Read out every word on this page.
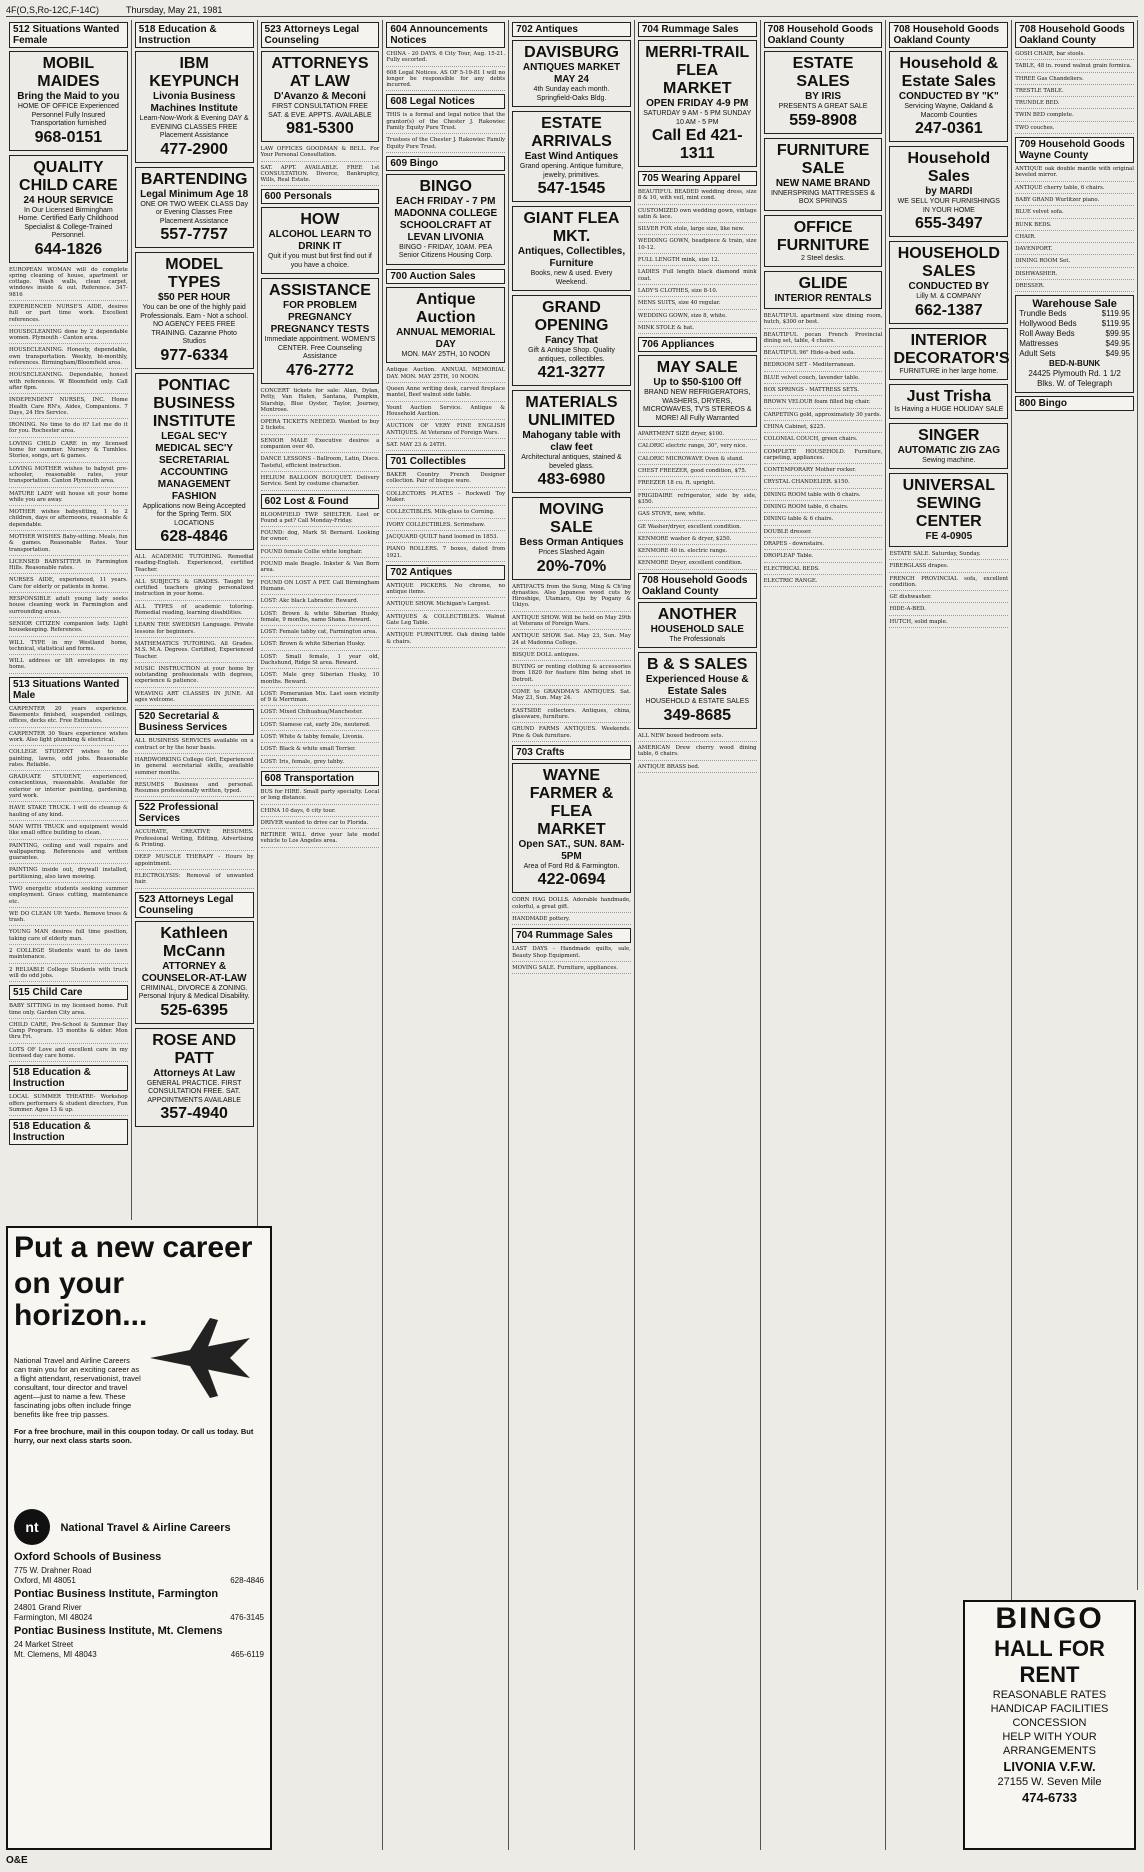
4F(O,S,Ro-12C,F-14C)	Thursday, May 21, 1981
512 Situations Wanted Female
MOBIL MAIDES
Bring the Maid to you
HOME OF OFFICE Experienced Personnel Fully Insured Transportation furnished
968-0151
QUALITY CHILD CARE
24 HOUR SERVICE
In Our Licensed Birmingham Home. Certified Early Childhood Specialist & College-Trained Personnel.
644-1826
EUROPEAN WOMAN will do complete spring cleaning of house, apartment or cottage. Wash walls, clean carpet, windows inside & out. Reference. 347-9816
EXPERIENCED NURSE'S AIDE, desires full or part time work. Excellent references.
HOUSECLEANING done by 2 dependable women. Plymouth - Canton area.
HOUSECLEANING. Honesty, dependable, own transportation. Weekly, bi-monthly, references. Birmingham/Bloomfield area.
HOUSECLEANING. Dependable, honest with references. W Bloomfield only. Call after 6pm.
INDEPENDENT NURSES, INC. Home Health Care RN's, Aides, Companions. 7 Days, 24 Hrs Service.
IRONING. No time to do it? Let me do it for you. Rochester area.
LOVING CHILD CARE in my licensed home for summer. Nursery & Tumbles. Stories, songs, art & games.
LOVING MOTHER wishes to babysit pre-schooler, reasonable rates, your transportation. Canton Plymouth area.
MATURE LADY will house sit your home while you are away.
MOTHER wishes babysitting, 1 to 2 children, days or afternoons, reasonable & dependable.
MOTHER WISHES Baby-sitting. Meals, fun & games. Reasonable Rates. Your transportation.
LICENSED BABYSITTER in Farmington Hills. Reasonable rates.
NURSES AIDE, experienced, 11 years. Care for elderly or patients in home.
RESPONSIBLE adult young lady seeks house cleaning work in Farmington and surrounding areas.
SENIOR CITIZEN companion lady. Light housekeeping. References.
WILL TYPE in my Westland home, technical, statistical and forms.
WILL address or lift envelopes in my home.
513 Situations Wanted Male
CARPENTER 20 years experience. Basements finished, suspended ceilings, offices, decks etc. Free Estimates.
CARPENTER 30 Years experience wishes work. Also light plumbing & electrical.
COLLEGE STUDENT wishes to do painting, lawns, odd jobs. Reasonable rates. Reliable.
GRADUATE STUDENT, experienced, conscientious, reasonable. Available for exterior or interior painting, gardening, yard work.
HAVE STAKE TRUCK. I will do cleanup & hauling of any kind.
MAN WITH TRUCK and equipment would like small office building to clean.
PAINTING, ceiling and wall repairs and wallpapering. References and written guarantee.
PAINTING inside out, drywall installed, partitioning, also lawn mowing.
TWO energetic students seeking summer employment. Grass cutting, maintenance etc.
WE DO CLEAN UP. Yards. Remove trees & trash.
YOUNG MAN desires full time position, taking care of elderly man.
2 COLLEGE Students want to do lawn maintenance.
2 RELIABLE College Students with truck will do odd jobs.
515 Child Care
BABY SITTING in my licensed home. Full time only. Garden City area.
CHILD CARE, Pre-School & Summer Day Camp Program. 15 months & older. Mon thru Fri.
LOTS OF Love and excellent care in my licensed day care home.
518 Education & Instruction
LOCAL SUMMER THEATRE- Workshop offers performers & student directors, Fun Summer. Ages 13 & up.
518 Education & Instruction
518 Education & Instruction
IBM KEYPUNCH
Livonia Business Machines Institute
Learn-Now-Work & Evening DAY & EVENING CLASSES FREE Placement Assistance
477-2900
BARTENDING
Legal Minimum Age 18
ONE OR TWO WEEK CLASS Day or Evening Classes Free Placement Assistance
557-7757
MODEL TYPES
$50 PER HOUR
You can be one of the highly paid Professionals. Earn - Not a school. NO AGENCY FEES FREE TRAINING. Cazanne Photo Studios
977-6334
PONTIAC BUSINESS INSTITUTE
LEGAL SEC'Y MEDICAL SEC'Y SECRETARIAL ACCOUNTING MANAGEMENT FASHION
Applications now Being Accepted for the Spring Term. SIX LOCATIONS
628-4846
ALL ACADEMIC TUTORING. Remedial reading-English. Experienced, certified Teacher.
ALL SUBJECTS & GRADES. Taught by certified teachers giving personalized instruction in your home.
ALL TYPES of academic tutoring. Remedial reading, learning disabilities.
LEARN THE SWEDISH Language. Private lessons for beginners.
MATHEMATICS TUTORING. All Grades. M.S. M.A. Degrees. Certified, Experienced Teacher.
MUSIC INSTRUCTION at your home by outstanding professionals with degrees, experience & patience.
WEAVING ART CLASSES IN JUNE. All ages welcome.
520 Secretarial & Business Services
ALL BUSINESS SERVICES available on a contract or by the hour basis.
HARDWORKING College Girl, Experienced in general secretarial skills, available summer months.
RESUMES Business and personal. Resumes professionally written, typed.
522 Professional Services
ACCURATE, CREATIVE RESUMES. Professional Writing, Editing, Advertising & Printing.
DEEP MUSCLE THERAPY - Hours by appointment.
ELECTROLYSIS: Removal of unwanted hair.
523 Attorneys Legal Counseling
Kathleen McCann
ATTORNEY & COUNSELOR-AT-LAW
CRIMINAL, DIVORCE & ZONING. Personal Injury & Medical Disability.
525-6395
ROSE AND PATT
Attorneys At Law
GENERAL PRACTICE. FIRST CONSULTATION FREE. SAT. APPOINTMENTS AVAILABLE
357-4940
523 Attorneys Legal Counseling
ATTORNEYS AT LAW
D'Avanzo & Meconi
FIRST CONSULTATION FREE SAT. & EVE. APPTS. AVAILABLE
981-5300
LAW OFFICES GOODMAN & BELL. For Your Personal Consultation.
SAT. APPT. AVAILABLE. FREE 1st CONSULTATION. Divorce, Bankruptcy, Wills, Real Estate.
600 Personals
HOW
ALCOHOL LEARN TO DRINK IT
Quit if you must but first find out if you have a choice.
ASSISTANCE
FOR PROBLEM PREGNANCY PREGNANCY TESTS
Immediate appointment. WOMEN'S CENTER. Free Counseling Assistance
476-2772
CONCERT tickets for sale: Alan, Dylan, Petty, Van Halen, Santana, Pumpkin, Starship, Blue Oyster, Taylor, Journey, Montrose.
OPERA TICKETS NEEDED. Wanted to buy 2 tickets.
SENIOR MALE Executive desires a companion over 40.
DANCE LESSONS - Ballroom, Latin, Disco. Tasteful, efficient instruction.
HELIUM BALLOON BOUQUET. Delivery Service. Sent by costume character.
602 Lost & Found
BLOOMFIELD TWP. SHELTER. Lost or Found a pet? Call Monday-Friday.
FOUND: dog, Mark St Bernard. Looking for owner.
FOUND female Collie white longhair.
FOUND male Beagle. Inkster & Van Born area.
FOUND ON LOST A PET. Call Birmingham Humane.
LOST: Akc black Labrador. Reward.
LOST: Brown & white Siberian Husky, female, 9 months, name Shana. Reward.
LOST: Female tabby cat, Farmington area.
LOST: Brown & white Siberian Husky.
LOST: Small female, 1 year old, Dachshund, Ridge St area. Reward.
LOST: Male grey Siberian Husky, 10 months. Reward.
LOST: Pomeranian Mix. Last seen vicinity of 9 & Merriman.
LOST: Mixed Chihuahua/Manchester.
LOST: Siamese cat, early 20s, neutered.
LOST: White & tabby female, Livonia.
LOST: Black & white small Terrier.
LOST: Iris, female, grey tabby.
608 Transportation
BUS for HIRE. Small party specialty. Local or long distance.
CHINA 10 days, 6 city tour.
DRIVER wanted to drive car to Florida.
RETIREE WILL drive your late model vehicle to Los Angeles area.
604 Announcements Notices
CHINA - 20 DAYS. 6 City Tour, Aug. 15-21. Fully escorted.
608 Legal Notices. AS OF 5-19-81 I will no longer be responsible for any debts incurred.
608 Legal Notices
THIS is a formal and legal notice that the grantor(s) of the Chester J. Rakowiec Family Equity Pure Trust.
Trustees of the Chester J. Rakowiec Family Equity Pure Trust.
609 Bingo
BINGO
EACH FRIDAY - 7 PM MADONNA COLLEGE SCHOOLCRAFT AT LEVAN LIVONIA
BINGO - FRIDAY, 10AM. PEA Senior Citizens Housing Corp.
700 Auction Sales
Antique Auction
ANNUAL MEMORIAL DAY
MON. MAY 25TH, 10 NOON
Antique Auction. ANNUAL MEMORIAL DAY. MON. MAY 25TH, 10 NOON.
Queen Anne writing desk, carved fireplace mantel, Beef walnut side table.
Yount Auction Service. Antique & Household Auction.
AUCTION OF VERY FINE ENGLISH ANTIQUES. At Veterans of Foreign Wars.
SAT. MAY 23 & 24TH.
701 Collectibles
BAKER Country French Designer collection. Pair of bisque ware.
COLLECTORS PLATES - Rockwell Toy Maker.
COLLECTIBLES. Milk-glass to Corning.
IVORY COLLECTIBLES. Scrimshaw.
JACQUARD QUILT hand loomed in 1853.
PIANO ROLLERS. 7 boxes, dated from 1921.
702 Antiques
ANTIQUE PICKERS. No chrome, no antique items.
ANTIQUE SHOW. Michigan's Largest.
ANTIQUES & COLLECTIBLES. Walnut Gate Leg Table.
ANTIQUE FURNITURE. Oak dining table & chairs.
702 Antiques
DAVISBURG
ANTIQUES MARKET MAY 24
4th Sunday each month. Springfield-Oaks Bldg.
ESTATE ARRIVALS
East Wind Antiques
Grand opening. Antique furniture, jewelry, primitives.
547-1545
GIANT FLEA MKT.
Antiques, Collectibles, Furniture
Books, new & used. Every Weekend.
GRAND OPENING
Fancy That
Gift & Antique Shop. Quality antiques, collectibles.
421-3277
MATERIALS UNLIMITED
Mahogany table with claw feet
Architectural antiques, stained & beveled glass.
483-6980
MOVING SALE
Bess Orman Antiques
Prices Slashed Again
20%-70%
ARTIFACTS from the Sung, Ming & Ch'ing dynasties. Also Japanese wood cuts by Hiroshige, Utamaro, Oju by Pogany & Ukiyo.
ANTIQUE SHOW. Will be held on May 29th at Veterans of Foreign Wars.
ANTIQUE SHOW. Sat. May 23, Sun. May 24 at Madonna College.
BISQUE DOLL antiques.
BUYING or renting clothing & accessories from 1820 for feature film being shot in Detroit.
COME to GRANDMA'S ANTIQUES. Sat. May 23, Sun. May 24.
EASTSIDE collectors. Antiques, china, glassware, furniture.
GRUND FARMS ANTIQUES. Weekends. Pine & Oak furniture.
703 Crafts
WAYNE FARMER & FLEA MARKET
Open SAT., SUN. 8AM-5PM
Area of Ford Rd & Farmington.
422-0694
CORN HAG DOLLS. Adorable handmade, colorful, a great gift.
HANDMADE pottery.
704 Rummage Sales
LAST DAYS - Handmade quilts, sale, Beauty Shop Equipment.
MOVING SALE. Furniture, appliances.
704 Rummage Sales
MERRI-TRAIL FLEA MARKET
OPEN FRIDAY 4-9 PM
SATURDAY 9 AM - 5 PM SUNDAY 10 AM - 5 PM
Call Ed 421-1311
705 Wearing Apparel
BEAUTIFUL BEADED wedding dress, size 8 & 10, with veil, mint cond.
CUSTOMIZED own wedding gown, vintage satin & lace.
SILVER FOX stole, large size, like new.
WEDDING GOWN, headpiece & train, size 10-12.
FULL LENGTH mink, size 12.
LADIES Full length black diamond mink coat.
LADY'S CLOTHES, size 8-10.
MENS SUITS, size 40 regular.
WEDDING GOWN, size 8, white.
MINK STOLE & hat.
706 Appliances
MAY SALE
Up to $50-$100 Off
BRAND NEW REFRIGERATORS, WASHERS, DRYERS, MICROWAVES, TV'S STEREOS & MORE! All Fully Warranted
APARTMENT SIZE dryer, $100.
CALORIC electric range, 30", very nice.
CALORIC MICROWAVE Oven & stand.
CHEST FREEZER, good condition, $75.
FREEZER 18 cu. ft. upright.
FRIGIDAIRE refrigerator, side by side, $350.
GAS STOVE, new, white.
GE Washer/dryer, excellent condition.
KENMORE washer & dryer, $250.
KENMORE 40 in. electric range.
KENMORE Dryer, excellent condition.
708 Household Goods Oakland County
ANOTHER
HOUSEHOLD SALE
The Professionals
B & S SALES
Experienced House & Estate Sales
HOUSEHOLD & ESTATE SALES
349-8685
ALL NEW boxed bedroom sets.
AMERICAN Drew cherry wood dining table, 6 chairs.
ANTIQUE BRASS bed.
708 Household Goods Oakland County
ESTATE SALES
BY IRIS
PRESENTS A GREAT SALE
559-8908
FURNITURE SALE
NEW NAME BRAND
INNERSPRING MATTRESSES & BOX SPRINGS
OFFICE FURNITURE
2 Steel desks.
GLIDE
INTERIOR RENTALS
BEAUTIFUL apartment size dining room, hutch, $300 or best.
BEAUTIFUL pecan French Provincial dining set, table, 4 chairs.
BEAUTIFUL 96" Hide-a-bed sofa.
BEDROOM SET - Mediterranean.
BLUE velvet couch, lavender table.
BOX SPRINGS - MATTRESS SETS.
BROWN VELOUR foam filled big chair.
CARPETING gold, approximately 30 yards.
CHINA Cabinet, $225.
COLONIAL COUCH, green chairs.
COMPLETE HOUSEHOLD. Furniture, carpeting, appliances.
CONTEMPORARY Mother rocker.
CRYSTAL CHANDELIER. $150.
DINING ROOM table with 6 chairs.
DINING ROOM table, 6 chairs.
DINING table & 6 chairs.
DOUBLE dresser.
DRAPES - downstairs.
DROPLEAF Table.
ELECTRICAL BEDS.
ELECTRIC RANGE.
708 Household Goods Oakland County
Household & Estate Sales
CONDUCTED BY "K"
Servicing Wayne, Oakland & Macomb Counties
247-0361
Household Sales
by MARDI
WE SELL YOUR FURNISHINGS IN YOUR HOME
655-3497
HOUSEHOLD SALES
CONDUCTED BY
Lilly M. & COMPANY
662-1387
INTERIOR DECORATOR'S
FURNITURE in her large home.
Just Trisha
Is Having a HUGE HOLIDAY SALE
SINGER
AUTOMATIC ZIG ZAG
Sewing machine.
UNIVERSAL SEWING CENTER
FE 4-0905
ESTATE SALE. Saturday, Sunday.
FIBERGLASS drapes.
FRENCH PROVINCIAL sofa, excellent condition.
GE dishwasher.
HIDE-A-BED.
HUTCH, solid maple.
708 Household Goods Oakland County
GOSH CHAIR, bar stools.
TABLE, 48 in. round walnut grain formica.
THREE Gas Chandeliers.
TRESTLE TABLE.
TRUNDLE BED.
TWIN BED complete.
TWO couches.
709 Household Goods Wayne County
ANTIQUE oak double mantle with original beveled mirror.
ANTIQUE cherry table, 6 chairs.
BABY GRAND Wurlitzer piano.
BLUE velvet sofa.
BUNK BEDS.
CHAIR.
DAVENPORT.
DINING ROOM Set.
DISHWASHER.
DRESSER.
Warehouse Sale
Trundle Beds	$119.95
Hollywood Beds	$119.95
Roll Away Beds	$99.95
Mattresses	$49.95
Adult Sets	$49.95
BED-N-BUNK
24425 Plymouth Rd. 1 1/2 Blks. W. of Telegraph
800 Bingo
Put a new career
on your horizon...
National Travel and Airline Careers can train you for an exciting career as a flight attendant, reservationist, travel consultant, tour director and travel agent—just to name a few. These fascinating jobs often include fringe benefits like free trip passes.
For a free brochure, mail in this coupon today. Or call us today. But hurry, our next class starts soon.
nt National Travel & Airline Careers
Oxford Schools of Business
775 W. Drahner Road
Oxford, MI 48051	628-4846
Pontiac Business Institute, Farmington
24801 Grand River
Farmington, MI 48024	476-3145
Pontiac Business Institute, Mt. Clemens
24 Market Street
Mt. Clemens, MI 48043	465-6119
BINGO
HALL FOR RENT
REASONABLE RATES
HANDICAP FACILITIES
CONCESSION
HELP WITH YOUR ARRANGEMENTS
LIVONIA V.F.W.
27155 W. Seven Mile
474-6733
O&E
